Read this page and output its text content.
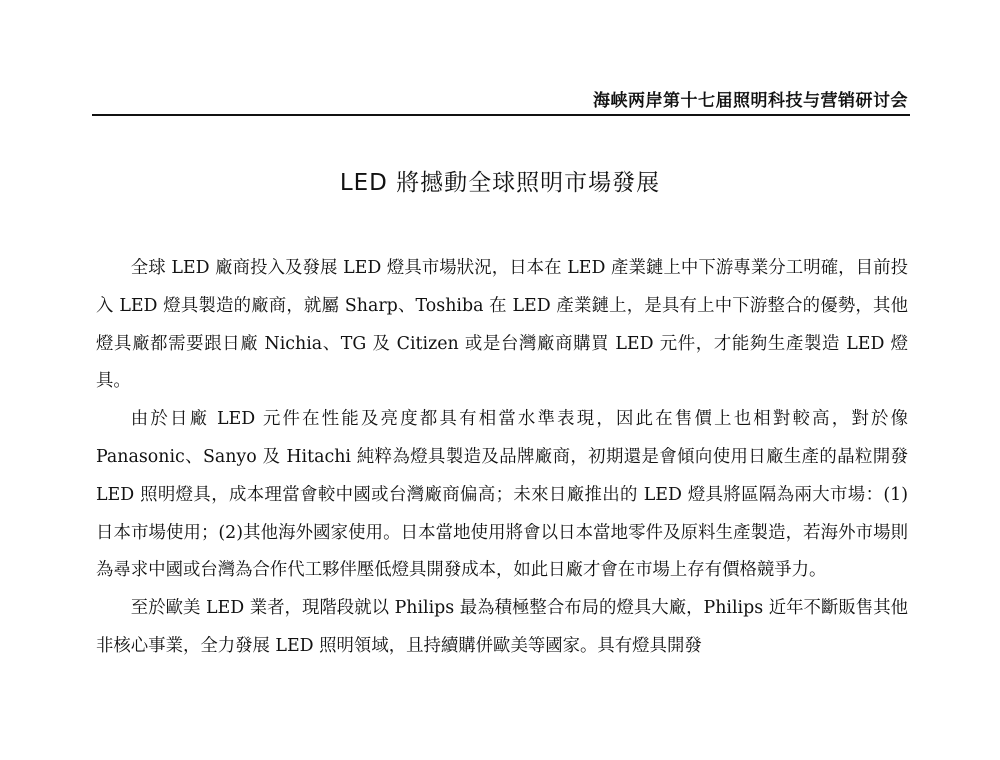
海峡两岸第十七届照明科技与营销研讨会
LED 將撼動全球照明市場發展

全球 LED 廠商投入及發展 LED 燈具市場狀況，日本在 LED 產業鏈上中下游專業分工明確，目前投入 LED 燈具製造的廠商，就屬 Sharp、Toshiba 在 LED 產業鏈上，是具有上中下游整合的優勢，其他燈具廠都需要跟日廠 Nichia、TG 及 Citizen 或是台灣廠商購買 LED 元件，才能夠生產製造 LED 燈具。

由於日廠 LED 元件在性能及亮度都具有相當水準表現，因此在售價上也相對較高，對於像 Panasonic、Sanyo 及 Hitachi 純粹為燈具製造及品牌廠商，初期還是會傾向使用日廠生產的晶粒開發 LED 照明燈具，成本理當會較中國或台灣廠商偏高；未來日廠推出的 LED 燈具將區隔為兩大市場：(1)日本市場使用；(2)其他海外國家使用。日本當地使用將會以日本當地零件及原料生產製造，若海外市場則為尋求中國或台灣為合作代工夥伴壓低燈具開發成本，如此日廠才會在市場上存有價格競爭力。

至於歐美 LED 業者，現階段就以 Philips 最為積極整合布局的燈具大廠，Philips 近年不斷販售其他非核心事業，全力發展 LED 照明領域，且持續購併歐美等國家。具有燈具開發
